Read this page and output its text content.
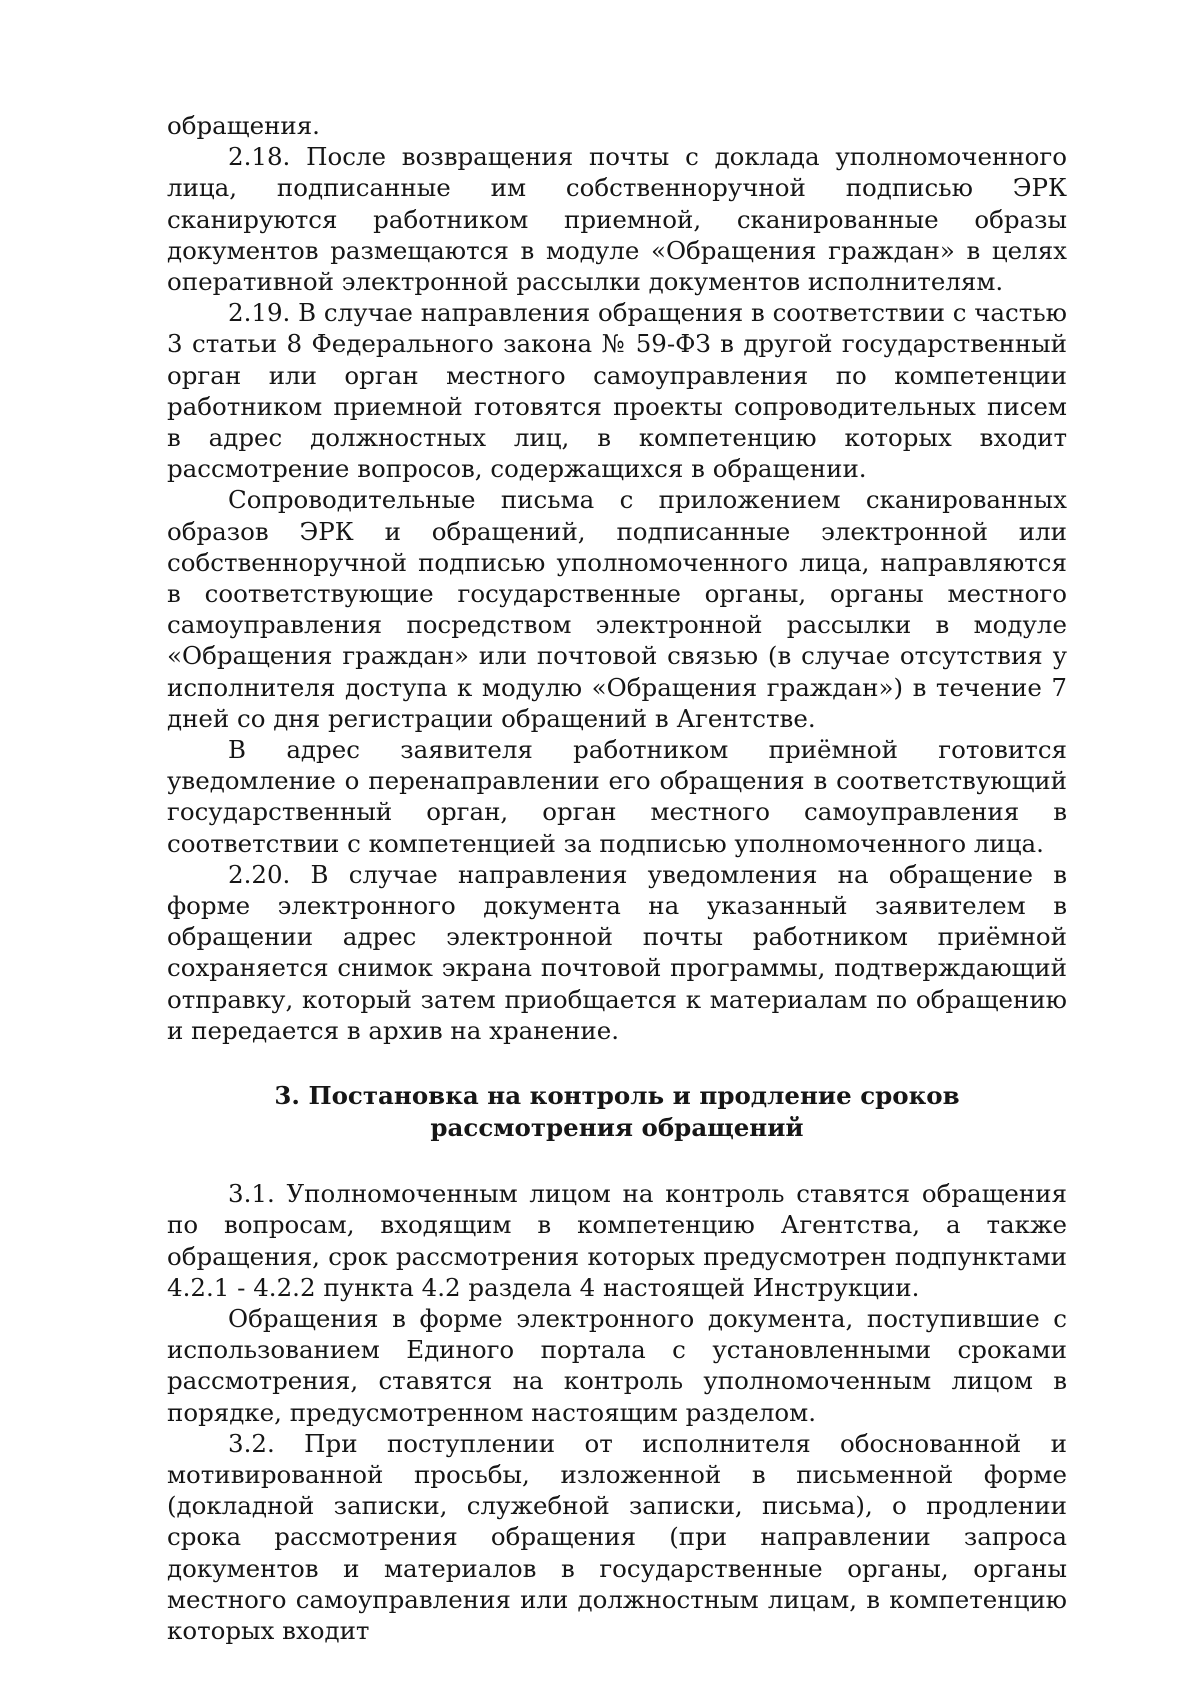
обращения.

2.18. После возвращения почты с доклада уполномоченного лица, подписанные им собственноручной подписью ЭРК сканируются работником приемной, сканированные образы документов размещаются в модуле «Обращения граждан» в целях оперативной электронной рассылки документов исполнителям.

2.19. В случае направления обращения в соответствии с частью 3 статьи 8 Федерального закона № 59-ФЗ в другой государственный орган или орган местного самоуправления по компетенции работником приемной готовятся проекты сопроводительных писем в адрес должностных лиц, в компетенцию которых входит рассмотрение вопросов, содержащихся в обращении.

Сопроводительные письма с приложением сканированных образов ЭРК и обращений, подписанные электронной или собственноручной подписью уполномоченного лица, направляются в соответствующие государственные органы, органы местного самоуправления посредством электронной рассылки в модуле «Обращения граждан» или почтовой связью (в случае отсутствия у исполнителя доступа к модулю «Обращения граждан») в течение 7 дней со дня регистрации обращений в Агентстве.

В адрес заявителя работником приёмной готовится уведомление о перенаправлении его обращения в соответствующий государственный орган, орган местного самоуправления в соответствии с компетенцией за подписью уполномоченного лица.

2.20. В случае направления уведомления на обращение в форме электронного документа на указанный заявителем в обращении адрес электронной почты работником приёмной сохраняется снимок экрана почтовой программы, подтверждающий отправку, который затем приобщается к материалам по обращению и передается в архив на хранение.

3. Постановка на контроль и продление сроков
рассмотрения обращений

3.1. Уполномоченным лицом на контроль ставятся обращения по вопросам, входящим в компетенцию Агентства, а также обращения, срок рассмотрения которых предусмотрен подпунктами 4.2.1 - 4.2.2 пункта 4.2 раздела 4 настоящей Инструкции.

Обращения в форме электронного документа, поступившие с использованием Единого портала с установленными сроками рассмотрения, ставятся на контроль уполномоченным лицом в порядке, предусмотренном настоящим разделом.

3.2. При поступлении от исполнителя обоснованной и мотивированной просьбы, изложенной в письменной форме (докладной записки, служебной записки, письма), о продлении срока рассмотрения обращения (при направлении запроса документов и материалов в государственные органы, органы местного самоуправления или должностным лицам, в компетенцию которых входит
